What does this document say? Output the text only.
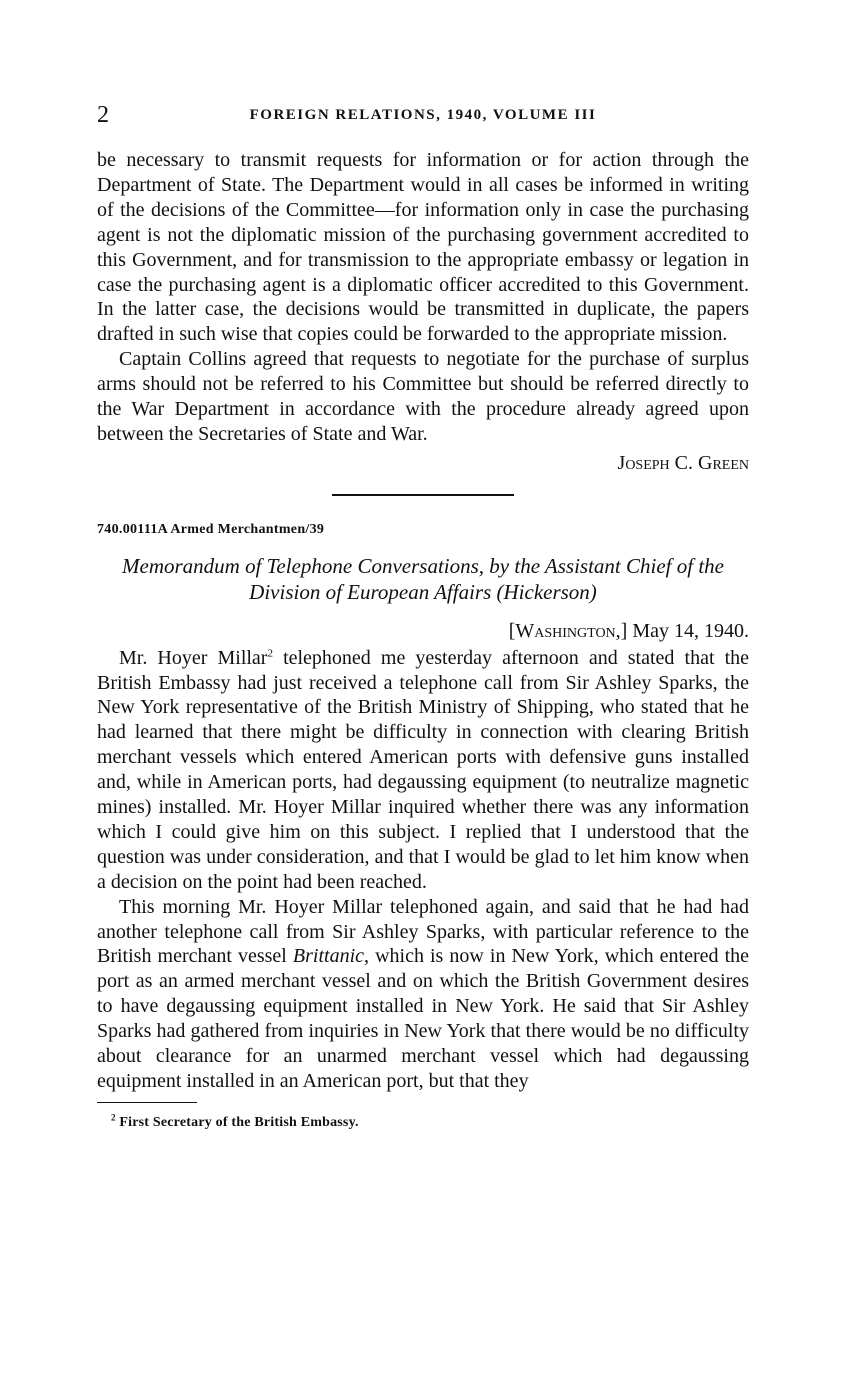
2	FOREIGN RELATIONS, 1940, VOLUME III

be necessary to transmit requests for information or for action through the Department of State. The Department would in all cases be informed in writing of the decisions of the Committee—for information only in case the purchasing agent is not the diplomatic mission of the purchasing government accredited to this Government, and for transmission to the appropriate embassy or legation in case the purchasing agent is a diplomatic officer accredited to this Government. In the latter case, the decisions would be transmitted in duplicate, the papers drafted in such wise that copies could be forwarded to the appropriate mission.

Captain Collins agreed that requests to negotiate for the purchase of surplus arms should not be referred to his Committee but should be referred directly to the War Department in accordance with the procedure already agreed upon between the Secretaries of State and War.

Joseph C. Green
740.00111A Armed Merchantmen/39
Memorandum of Telephone Conversations, by the Assistant Chief of the Division of European Affairs (Hickerson)
[Washington,] May 14, 1940.

Mr. Hoyer Millar$^2$ telephoned me yesterday afternoon and stated that the British Embassy had just received a telephone call from Sir Ashley Sparks, the New York representative of the British Ministry of Shipping, who stated that he had learned that there might be difficulty in connection with clearing British merchant vessels which entered American ports with defensive guns installed and, while in American ports, had degaussing equipment (to neutralize magnetic mines) installed. Mr. Hoyer Millar inquired whether there was any information which I could give him on this subject. I replied that I understood that the question was under consideration, and that I would be glad to let him know when a decision on the point had been reached.

This morning Mr. Hoyer Millar telephoned again, and said that he had had another telephone call from Sir Ashley Sparks, with particular reference to the British merchant vessel Brittanic, which is now in New York, which entered the port as an armed merchant vessel and on which the British Government desires to have degaussing equipment installed in New York. He said that Sir Ashley Sparks had gathered from inquiries in New York that there would be no difficulty about clearance for an unarmed merchant vessel which had degaussing equipment installed in an American port, but that they

$^2$ First Secretary of the British Embassy.
